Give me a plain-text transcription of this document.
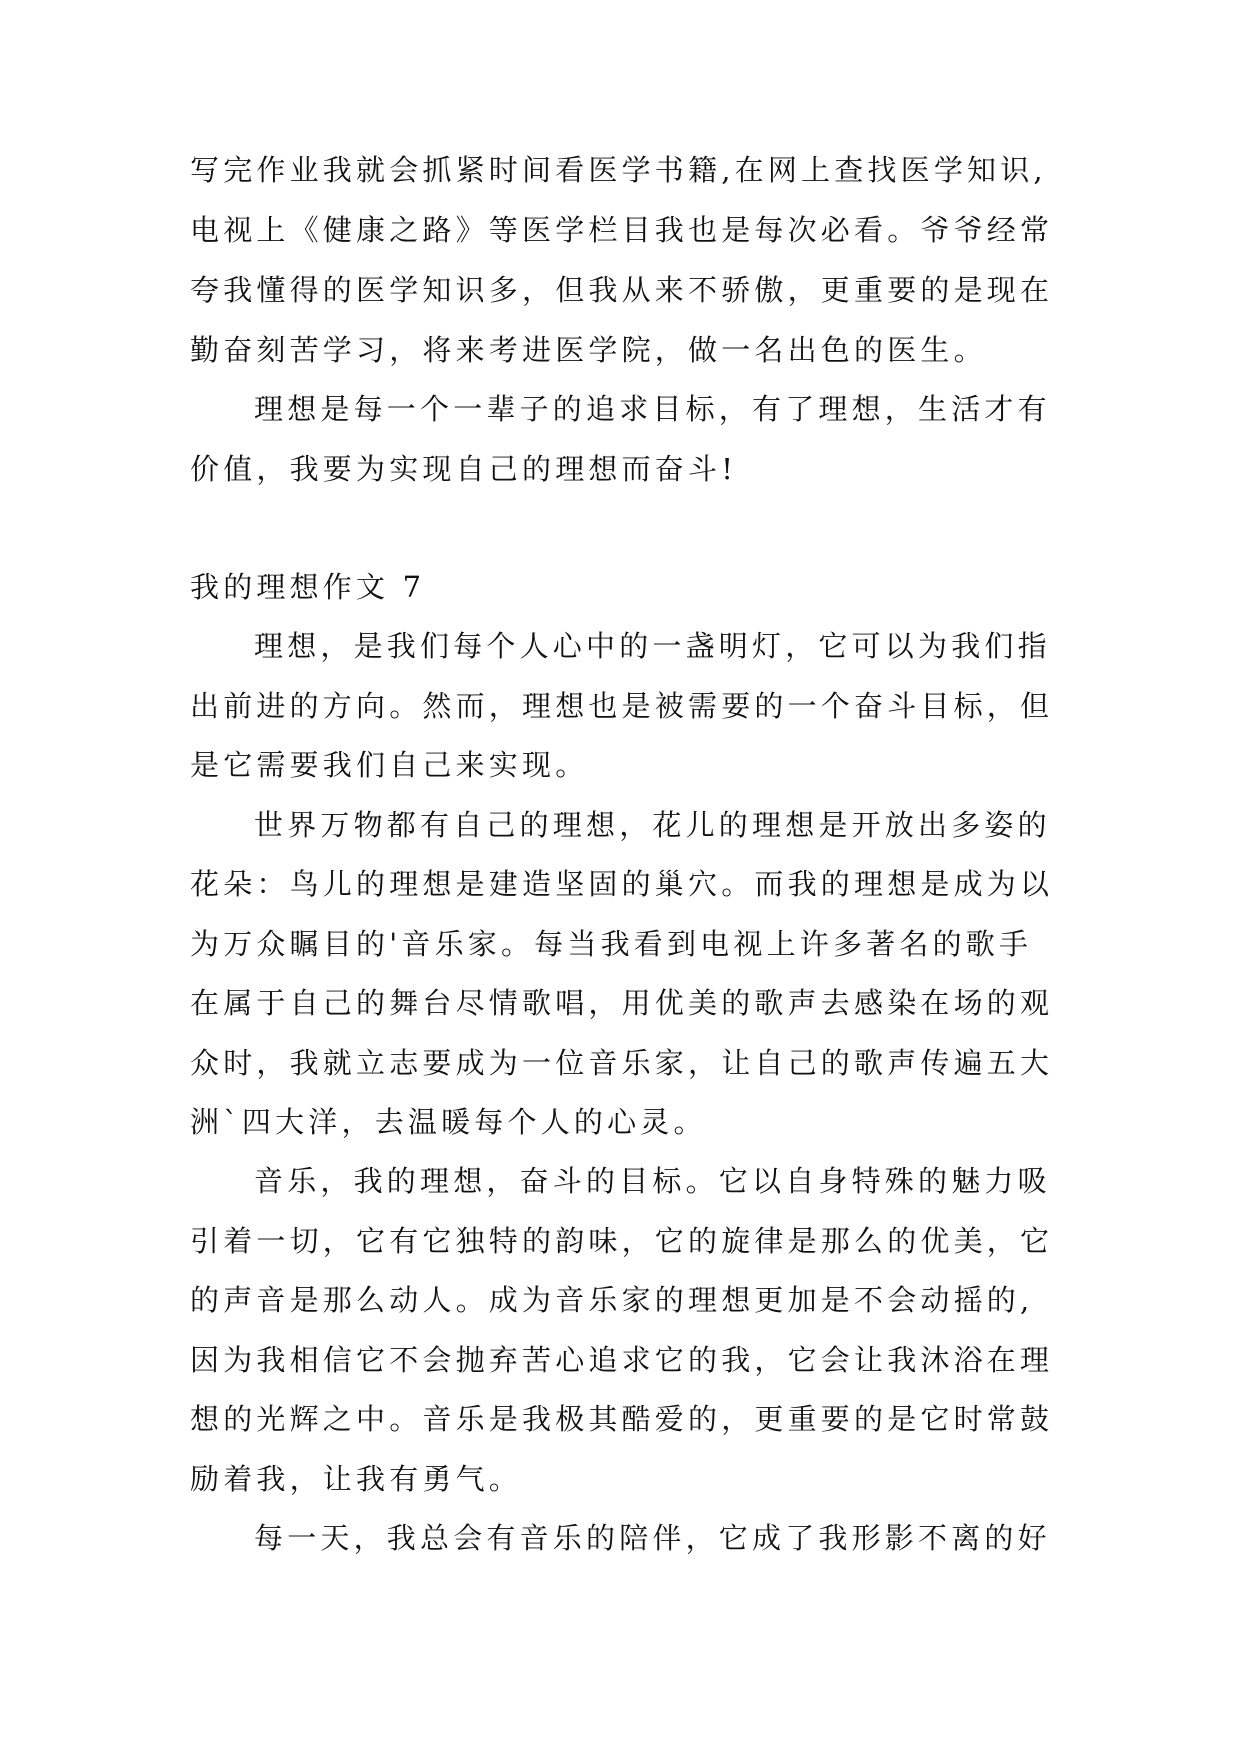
写完作业我就会抓紧时间看医学书籍,在网上查找医学知识,
电视上《健康之路》等医学栏目我也是每次必看。爷爷经常
夸我懂得的医学知识多，但我从来不骄傲，更重要的是现在
勤奋刻苦学习，将来考进医学院，做一名出色的医生。
理想是每一个一辈子的追求目标，有了理想，生活才有
价值，我要为实现自己的理想而奋斗!
我的理想作文 7
理想，是我们每个人心中的一盏明灯，它可以为我们指
出前进的方向。然而，理想也是被需要的一个奋斗目标，但
是它需要我们自己来实现。
世界万物都有自己的理想，花儿的理想是开放出多姿的
花朵：鸟儿的理想是建造坚固的巢穴。而我的理想是成为以
为万众瞩目的'音乐家。每当我看到电视上许多著名的歌手
在属于自己的舞台尽情歌唱，用优美的歌声去感染在场的观
众时，我就立志要成为一位音乐家，让自己的歌声传遍五大
洲`四大洋，去温暖每个人的心灵。
音乐，我的理想，奋斗的目标。它以自身特殊的魅力吸
引着一切，它有它独特的韵味，它的旋律是那么的优美，它
的声音是那么动人。成为音乐家的理想更加是不会动摇的,
因为我相信它不会抛弃苦心追求它的我，它会让我沐浴在理
想的光辉之中。音乐是我极其酷爱的，更重要的是它时常鼓
励着我，让我有勇气。
每一天，我总会有音乐的陪伴，它成了我形影不离的好
